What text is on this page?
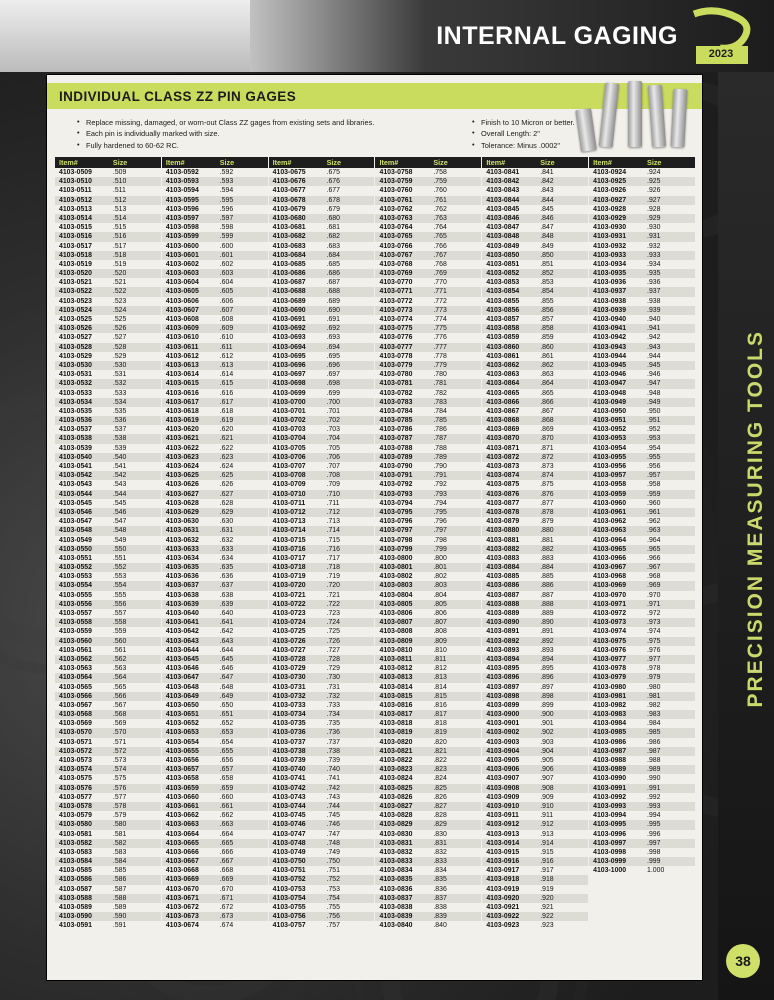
INTERNAL GAGING
2023
PRECISION MEASURING TOOLS
38
INDIVIDUAL CLASS ZZ PIN GAGES
• Replace missing, damaged, or worn-out Class ZZ gages from existing sets and libraries.
• Each pin is individually marked with size.
• Fully hardened to 60-62 RC.
• Finish to 10 Micron or better.
• Overall Length: 2"
• Tolerance: Minus .0002"
Item#	Size
4103-0509	.509
4103-0510	.510
4103-0511	.511
4103-0512	.512
4103-0513	.513
4103-0514	.514
4103-0515	.515
4103-0516	.516
4103-0517	.517
4103-0518	.518
4103-0519	.519
4103-0520	.520
4103-0521	.521
4103-0522	.522
4103-0523	.523
4103-0524	.524
4103-0525	.525
4103-0526	.526
4103-0527	.527
4103-0528	.528
4103-0529	.529
4103-0530	.530
4103-0531	.531
4103-0532	.532
4103-0533	.533
4103-0534	.534
4103-0535	.535
4103-0536	.536
4103-0537	.537
4103-0538	.538
4103-0539	.539
4103-0540	.540
4103-0541	.541
4103-0542	.542
4103-0543	.543
4103-0544	.544
4103-0545	.545
4103-0546	.546
4103-0547	.547
4103-0548	.548
4103-0549	.549
4103-0550	.550
4103-0551	.551
4103-0552	.552
4103-0553	.553
4103-0554	.554
4103-0555	.555
4103-0556	.556
4103-0557	.557
4103-0558	.558
4103-0559	.559
4103-0560	.560
4103-0561	.561
4103-0562	.562
4103-0563	.563
4103-0564	.564
4103-0565	.565
4103-0566	.566
4103-0567	.567
4103-0568	.568
4103-0569	.569
4103-0570	.570
4103-0571	.571
4103-0572	.572
4103-0573	.573
4103-0574	.574
4103-0575	.575
4103-0576	.576
4103-0577	.577
4103-0578	.578
4103-0579	.579
4103-0580	.580
4103-0581	.581
4103-0582	.582
4103-0583	.583
4103-0584	.584
4103-0585	.585
4103-0586	.586
4103-0587	.587
4103-0588	.588
4103-0589	.589
4103-0590	.590
4103-0591	.591
Item#	Size
4103-0592	.592
4103-0593	.593
4103-0594	.594
4103-0595	.595
4103-0596	.596
4103-0597	.597
4103-0598	.598
4103-0599	.599
4103-0600	.600
4103-0601	.601
4103-0602	.602
4103-0603	.603
4103-0604	.604
4103-0605	.605
4103-0606	.606
4103-0607	.607
4103-0608	.608
4103-0609	.609
4103-0610	.610
4103-0611	.611
4103-0612	.612
4103-0613	.613
4103-0614	.614
4103-0615	.615
4103-0616	.616
4103-0617	.617
4103-0618	.618
4103-0619	.619
4103-0620	.620
4103-0621	.621
4103-0622	.622
4103-0623	.623
4103-0624	.624
4103-0625	.625
4103-0626	.626
4103-0627	.627
4103-0628	.628
4103-0629	.629
4103-0630	.630
4103-0631	.631
4103-0632	.632
4103-0633	.633
4103-0634	.634
4103-0635	.635
4103-0636	.636
4103-0637	.637
4103-0638	.638
4103-0639	.639
4103-0640	.640
4103-0641	.641
4103-0642	.642
4103-0643	.643
4103-0644	.644
4103-0645	.645
4103-0646	.646
4103-0647	.647
4103-0648	.648
4103-0649	.649
4103-0650	.650
4103-0651	.651
4103-0652	.652
4103-0653	.653
4103-0654	.654
4103-0655	.655
4103-0656	.656
4103-0657	.657
4103-0658	.658
4103-0659	.659
4103-0660	.660
4103-0661	.661
4103-0662	.662
4103-0663	.663
4103-0664	.664
4103-0665	.665
4103-0666	.666
4103-0667	.667
4103-0668	.668
4103-0669	.669
4103-0670	.670
4103-0671	.671
4103-0672	.672
4103-0673	.673
4103-0674	.674
Item#	Size
4103-0675	.675
4103-0676	.676
4103-0677	.677
4103-0678	.678
4103-0679	.679
4103-0680	.680
4103-0681	.681
4103-0682	.682
4103-0683	.683
4103-0684	.684
4103-0685	.685
4103-0686	.686
4103-0687	.687
4103-0688	.688
4103-0689	.689
4103-0690	.690
4103-0691	.691
4103-0692	.692
4103-0693	.693
4103-0694	.694
4103-0695	.695
4103-0696	.696
4103-0697	.697
4103-0698	.698
4103-0699	.699
4103-0700	.700
4103-0701	.701
4103-0702	.702
4103-0703	.703
4103-0704	.704
4103-0705	.705
4103-0706	.706
4103-0707	.707
4103-0708	.708
4103-0709	.709
4103-0710	.710
4103-0711	.711
4103-0712	.712
4103-0713	.713
4103-0714	.714
4103-0715	.715
4103-0716	.716
4103-0717	.717
4103-0718	.718
4103-0719	.719
4103-0720	.720
4103-0721	.721
4103-0722	.722
4103-0723	.723
4103-0724	.724
4103-0725	.725
4103-0726	.726
4103-0727	.727
4103-0728	.728
4103-0729	.729
4103-0730	.730
4103-0731	.731
4103-0732	.732
4103-0733	.733
4103-0734	.734
4103-0735	.735
4103-0736	.736
4103-0737	.737
4103-0738	.738
4103-0739	.739
4103-0740	.740
4103-0741	.741
4103-0742	.742
4103-0743	.743
4103-0744	.744
4103-0745	.745
4103-0746	.746
4103-0747	.747
4103-0748	.748
4103-0749	.749
4103-0750	.750
4103-0751	.751
4103-0752	.752
4103-0753	.753
4103-0754	.754
4103-0755	.755
4103-0756	.756
4103-0757	.757
Item#	Size
4103-0758	.758
4103-0759	.759
4103-0760	.760
4103-0761	.761
4103-0762	.762
4103-0763	.763
4103-0764	.764
4103-0765	.765
4103-0766	.766
4103-0767	.767
4103-0768	.768
4103-0769	.769
4103-0770	.770
4103-0771	.771
4103-0772	.772
4103-0773	.773
4103-0774	.774
4103-0775	.775
4103-0776	.776
4103-0777	.777
4103-0778	.778
4103-0779	.779
4103-0780	.780
4103-0781	.781
4103-0782	.782
4103-0783	.783
4103-0784	.784
4103-0785	.785
4103-0786	.786
4103-0787	.787
4103-0788	.788
4103-0789	.789
4103-0790	.790
4103-0791	.791
4103-0792	.792
4103-0793	.793
4103-0794	.794
4103-0795	.795
4103-0796	.796
4103-0797	.797
4103-0798	.798
4103-0799	.799
4103-0800	.800
4103-0801	.801
4103-0802	.802
4103-0803	.803
4103-0804	.804
4103-0805	.805
4103-0806	.806
4103-0807	.807
4103-0808	.808
4103-0809	.809
4103-0810	.810
4103-0811	.811
4103-0812	.812
4103-0813	.813
4103-0814	.814
4103-0815	.815
4103-0816	.816
4103-0817	.817
4103-0818	.818
4103-0819	.819
4103-0820	.820
4103-0821	.821
4103-0822	.822
4103-0823	.823
4103-0824	.824
4103-0825	.825
4103-0826	.826
4103-0827	.827
4103-0828	.828
4103-0829	.829
4103-0830	.830
4103-0831	.831
4103-0832	.832
4103-0833	.833
4103-0834	.834
4103-0835	.835
4103-0836	.836
4103-0837	.837
4103-0838	.838
4103-0839	.839
4103-0840	.840
Item#	Size
4103-0841	.841
4103-0842	.842
4103-0843	.843
4103-0844	.844
4103-0845	.845
4103-0846	.846
4103-0847	.847
4103-0848	.848
4103-0849	.849
4103-0850	.850
4103-0851	.851
4103-0852	.852
4103-0853	.853
4103-0854	.854
4103-0855	.855
4103-0856	.856
4103-0857	.857
4103-0858	.858
4103-0859	.859
4103-0860	.860
4103-0861	.861
4103-0862	.862
4103-0863	.863
4103-0864	.864
4103-0865	.865
4103-0866	.866
4103-0867	.867
4103-0868	.868
4103-0869	.869
4103-0870	.870
4103-0871	.871
4103-0872	.872
4103-0873	.873
4103-0874	.874
4103-0875	.875
4103-0876	.876
4103-0877	.877
4103-0878	.878
4103-0879	.879
4103-0880	.880
4103-0881	.881
4103-0882	.882
4103-0883	.883
4103-0884	.884
4103-0885	.885
4103-0886	.886
4103-0887	.887
4103-0888	.888
4103-0889	.889
4103-0890	.890
4103-0891	.891
4103-0892	.892
4103-0893	.893
4103-0894	.894
4103-0895	.895
4103-0896	.896
4103-0897	.897
4103-0898	.898
4103-0899	.899
4103-0900	.900
4103-0901	.901
4103-0902	.902
4103-0903	.903
4103-0904	.904
4103-0905	.905
4103-0906	.906
4103-0907	.907
4103-0908	.908
4103-0909	.909
4103-0910	.910
4103-0911	.911
4103-0912	.912
4103-0913	.913
4103-0914	.914
4103-0915	.915
4103-0916	.916
4103-0917	.917
4103-0918	.918
4103-0919	.919
4103-0920	.920
4103-0921	.921
4103-0922	.922
4103-0923	.923
Item#	Size
4103-0924	.924
4103-0925	.925
4103-0926	.926
4103-0927	.927
4103-0928	.928
4103-0929	.929
4103-0930	.930
4103-0931	.931
4103-0932	.932
4103-0933	.933
4103-0934	.934
4103-0935	.935
4103-0936	.936
4103-0937	.937
4103-0938	.938
4103-0939	.939
4103-0940	.940
4103-0941	.941
4103-0942	.942
4103-0943	.943
4103-0944	.944
4103-0945	.945
4103-0946	.946
4103-0947	.947
4103-0948	.948
4103-0949	.949
4103-0950	.950
4103-0951	.951
4103-0952	.952
4103-0953	.953
4103-0954	.954
4103-0955	.955
4103-0956	.956
4103-0957	.957
4103-0958	.958
4103-0959	.959
4103-0960	.960
4103-0961	.961
4103-0962	.962
4103-0963	.963
4103-0964	.964
4103-0965	.965
4103-0966	.966
4103-0967	.967
4103-0968	.968
4103-0969	.969
4103-0970	.970
4103-0971	.971
4103-0972	.972
4103-0973	.973
4103-0974	.974
4103-0975	.975
4103-0976	.976
4103-0977	.977
4103-0978	.978
4103-0979	.979
4103-0980	.980
4103-0981	.981
4103-0982	.982
4103-0983	.983
4103-0984	.984
4103-0985	.985
4103-0986	.986
4103-0987	.987
4103-0988	.988
4103-0989	.989
4103-0990	.990
4103-0991	.991
4103-0992	.992
4103-0993	.993
4103-0994	.994
4103-0995	.995
4103-0996	.996
4103-0997	.997
4103-0998	.998
4103-0999	.999
4103-1000	1.000
